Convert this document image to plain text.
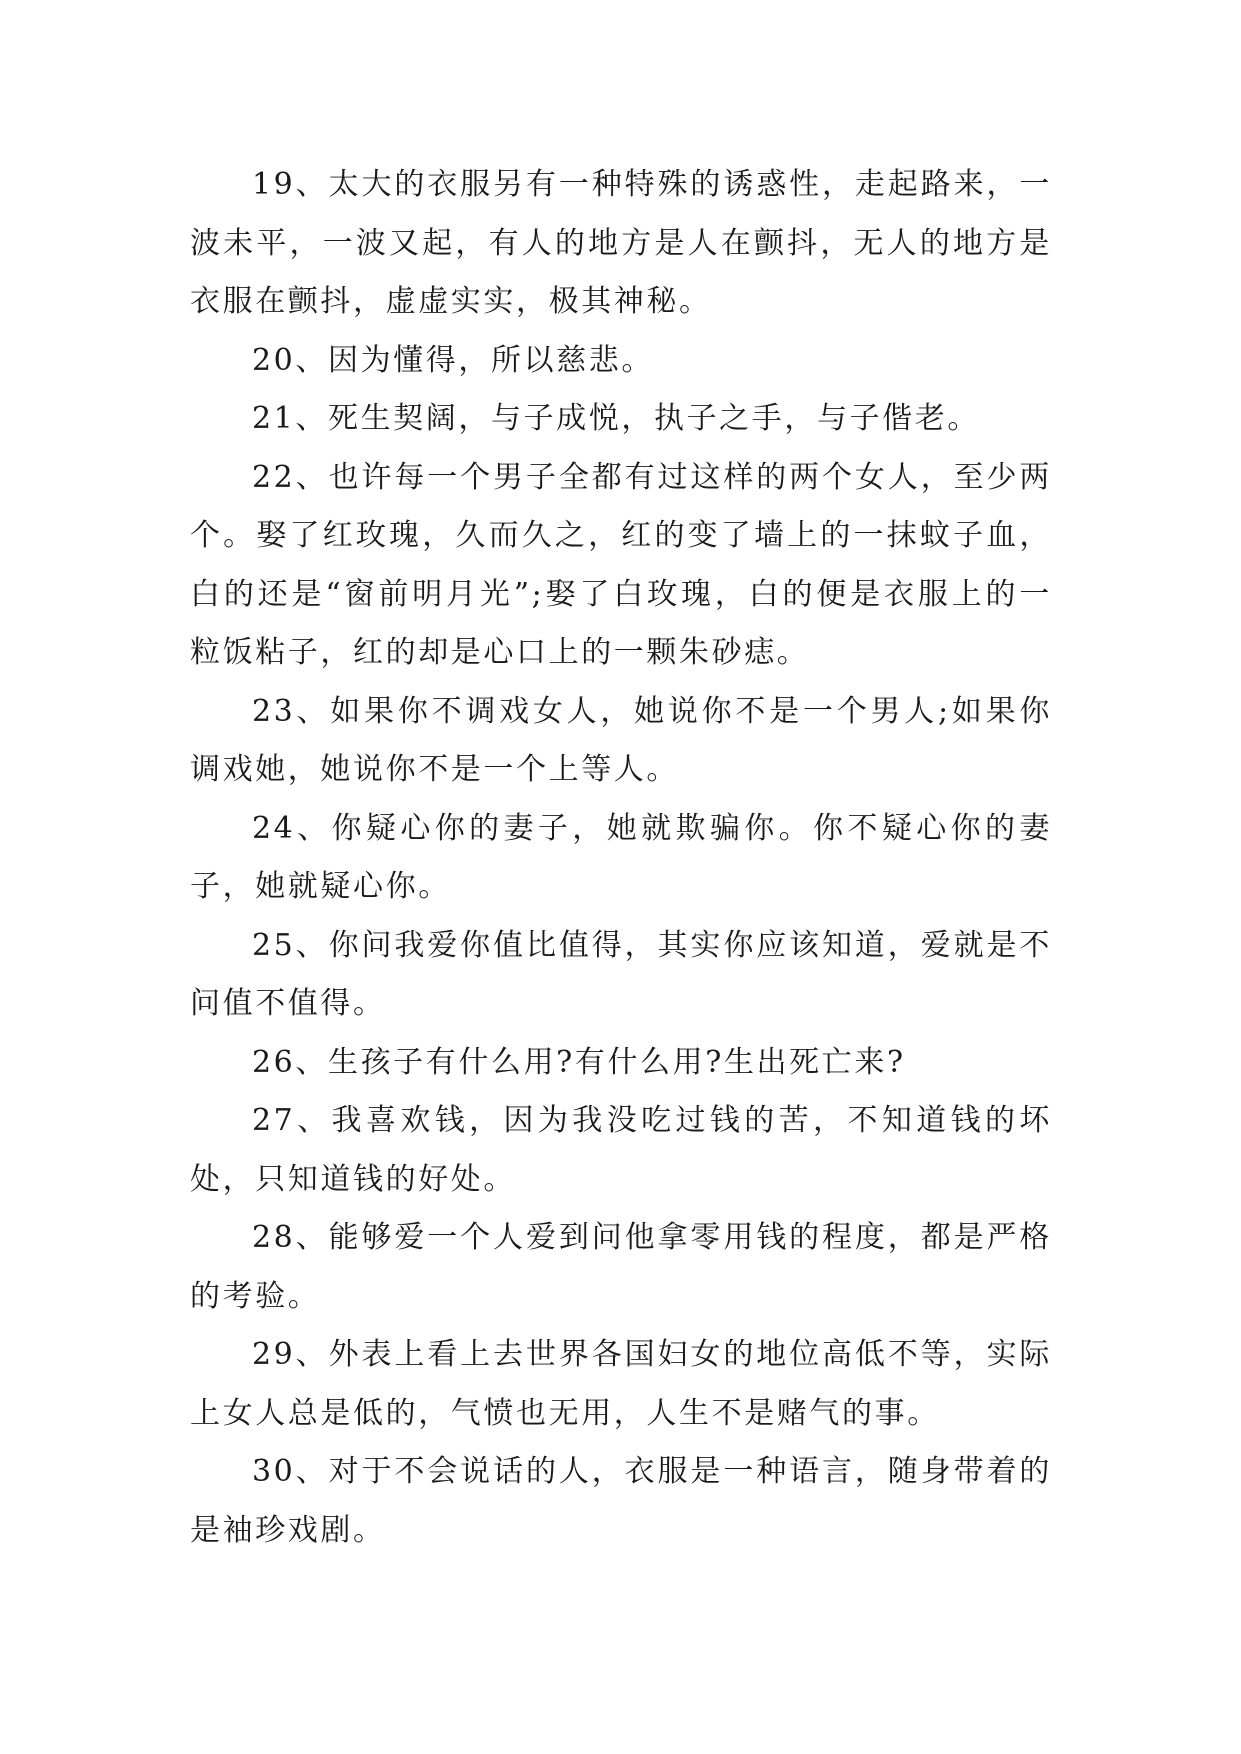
19、太大的衣服另有一种特殊的诱惑性，走起路来，一波未平，一波又起，有人的地方是人在颤抖，无人的地方是衣服在颤抖，虚虚实实，极其神秘。

20、因为懂得，所以慈悲。

21、死生契阔，与子成悦，执子之手，与子偕老。

22、也许每一个男子全都有过这样的两个女人，至少两个。娶了红玫瑰，久而久之，红的变了墙上的一抹蚊子血，白的还是“窗前明月光”;娶了白玫瑰，白的便是衣服上的一粒饭粘子，红的却是心口上的一颗朱砂痣。

23、如果你不调戏女人，她说你不是一个男人;如果你调戏她，她说你不是一个上等人。

24、你疑心你的妻子，她就欺骗你。你不疑心你的妻子，她就疑心你。

25、你问我爱你值比值得，其实你应该知道，爱就是不问值不值得。

26、生孩子有什么用?有什么用?生出死亡来?

27、我喜欢钱，因为我没吃过钱的苦，不知道钱的坏处，只知道钱的好处。

28、能够爱一个人爱到问他拿零用钱的程度，都是严格的考验。

29、外表上看上去世界各国妇女的地位高低不等，实际上女人总是低的，气愤也无用，人生不是赌气的事。

30、对于不会说话的人，衣服是一种语言，随身带着的是袖珍戏剧。
